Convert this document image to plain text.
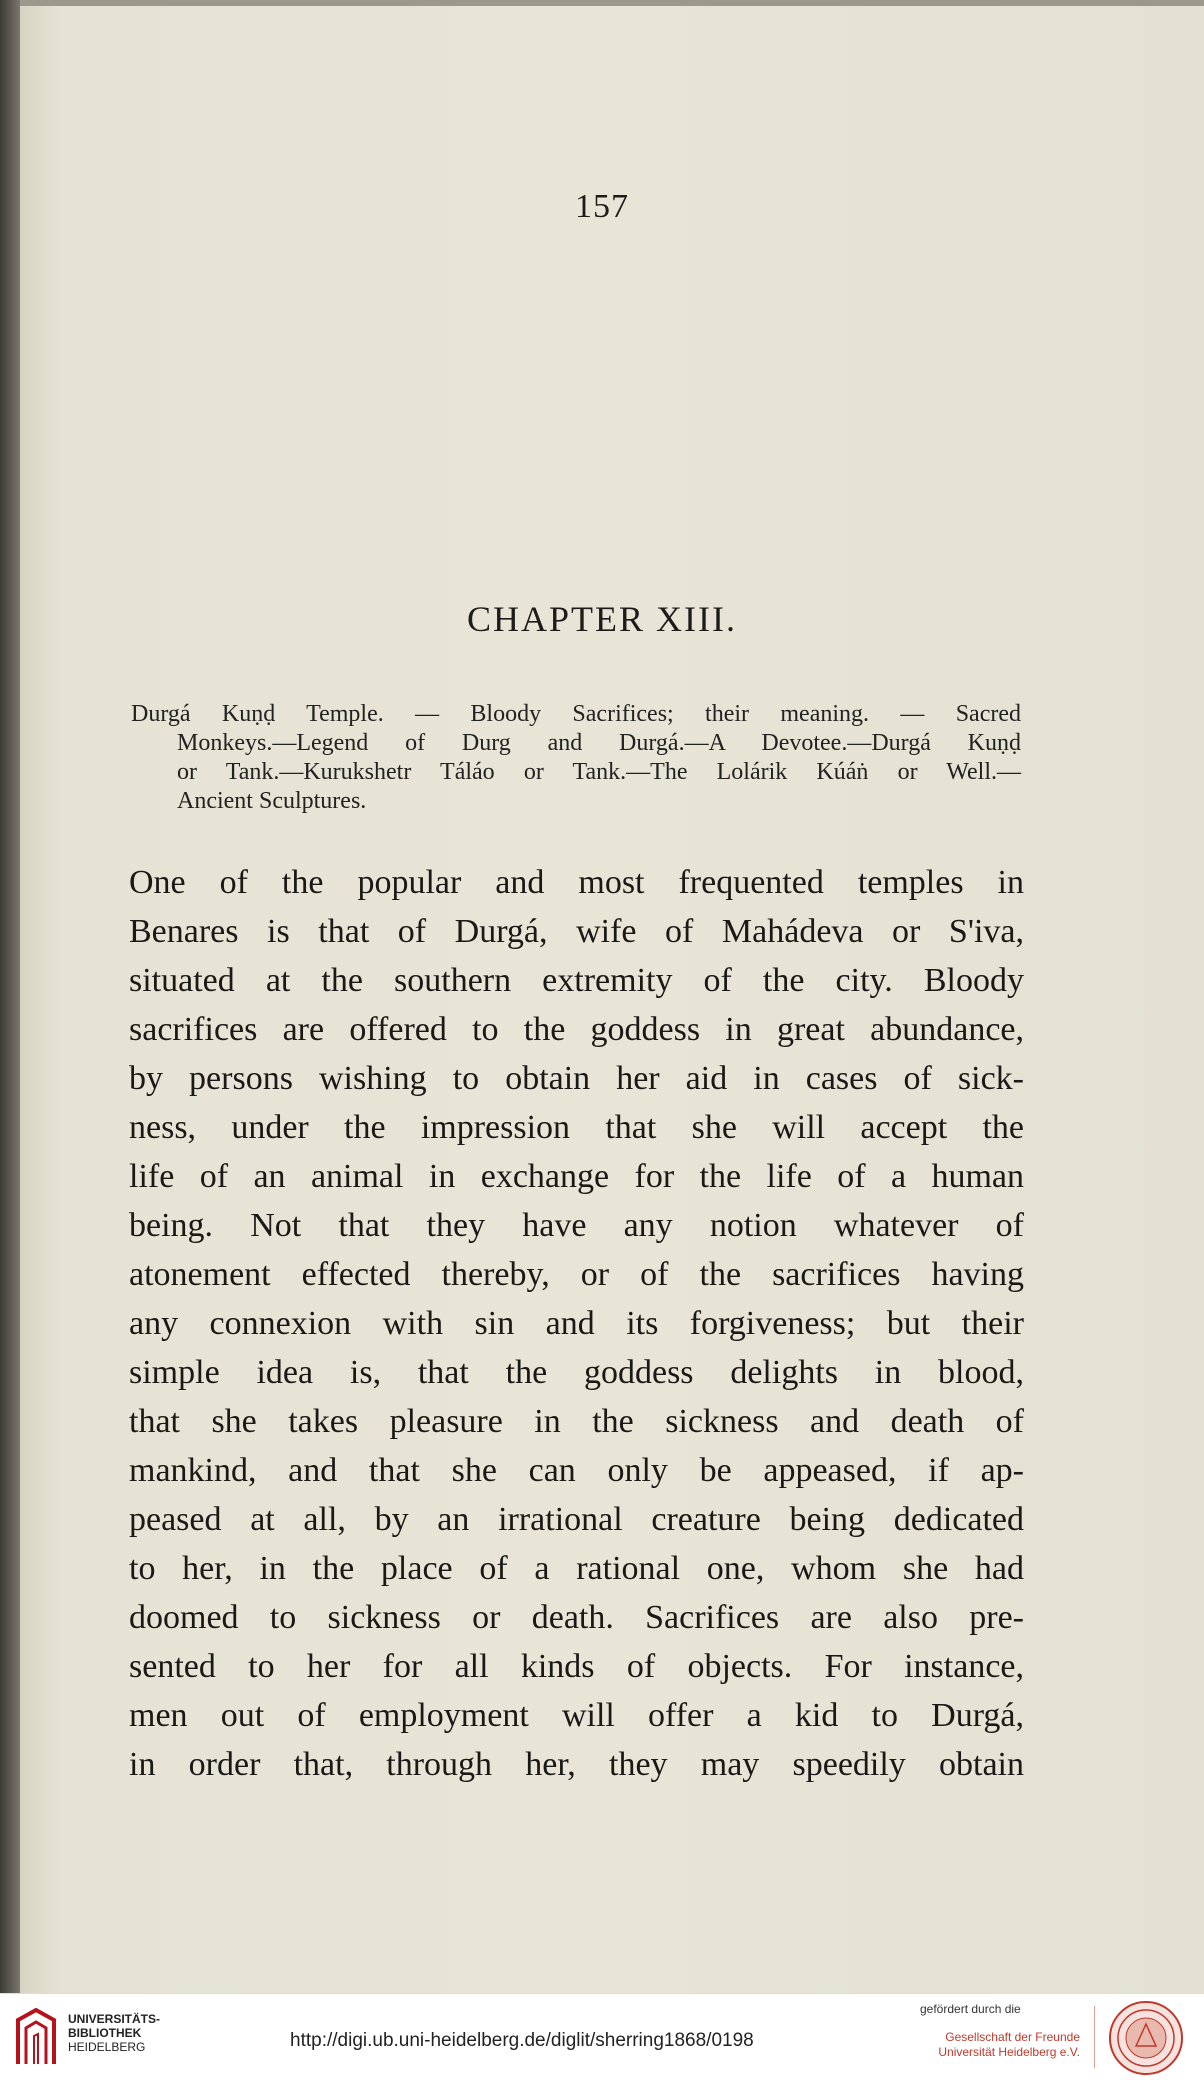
157
CHAPTER XIII.
Durgá Kuṇḍ Temple. — Bloody Sacrifices; their meaning. — Sacred
Monkeys.—Legend of Durg and Durgá.—A Devotee.—Durgá Kuṇḍ
or Tank.—Kurukshetr Táláo or Tank.—The Lolárik Kúáṅ or Well.—
Ancient Sculptures.
One of the popular and most frequented temples in
Benares is that of Durgá, wife of Mahádeva or S'iva,
situated at the southern extremity of the city. Bloody
sacrifices are offered to the goddess in great abundance,
by persons wishing to obtain her aid in cases of sick-
ness, under the impression that she will accept the
life of an animal in exchange for the life of a human
being. Not that they have any notion whatever of
atonement effected thereby, or of the sacrifices having
any connexion with sin and its forgiveness; but their
simple idea is, that the goddess delights in blood,
that she takes pleasure in the sickness and death of
mankind, and that she can only be appeased, if ap-
peased at all, by an irrational creature being dedicated
to her, in the place of a rational one, whom she had
doomed to sickness or death. Sacrifices are also pre-
sented to her for all kinds of objects. For instance,
men out of employment will offer a kid to Durgá,
in order that, through her, they may speedily obtain
UNIVERSITÄTS-
BIBLIOTHEK
HEIDELBERG	http://digi.ub.uni-heidelberg.de/diglit/sherring1868/0198
gefördert durch die
Gesellschaft der Freunde
Universität Heidelberg e.V.
